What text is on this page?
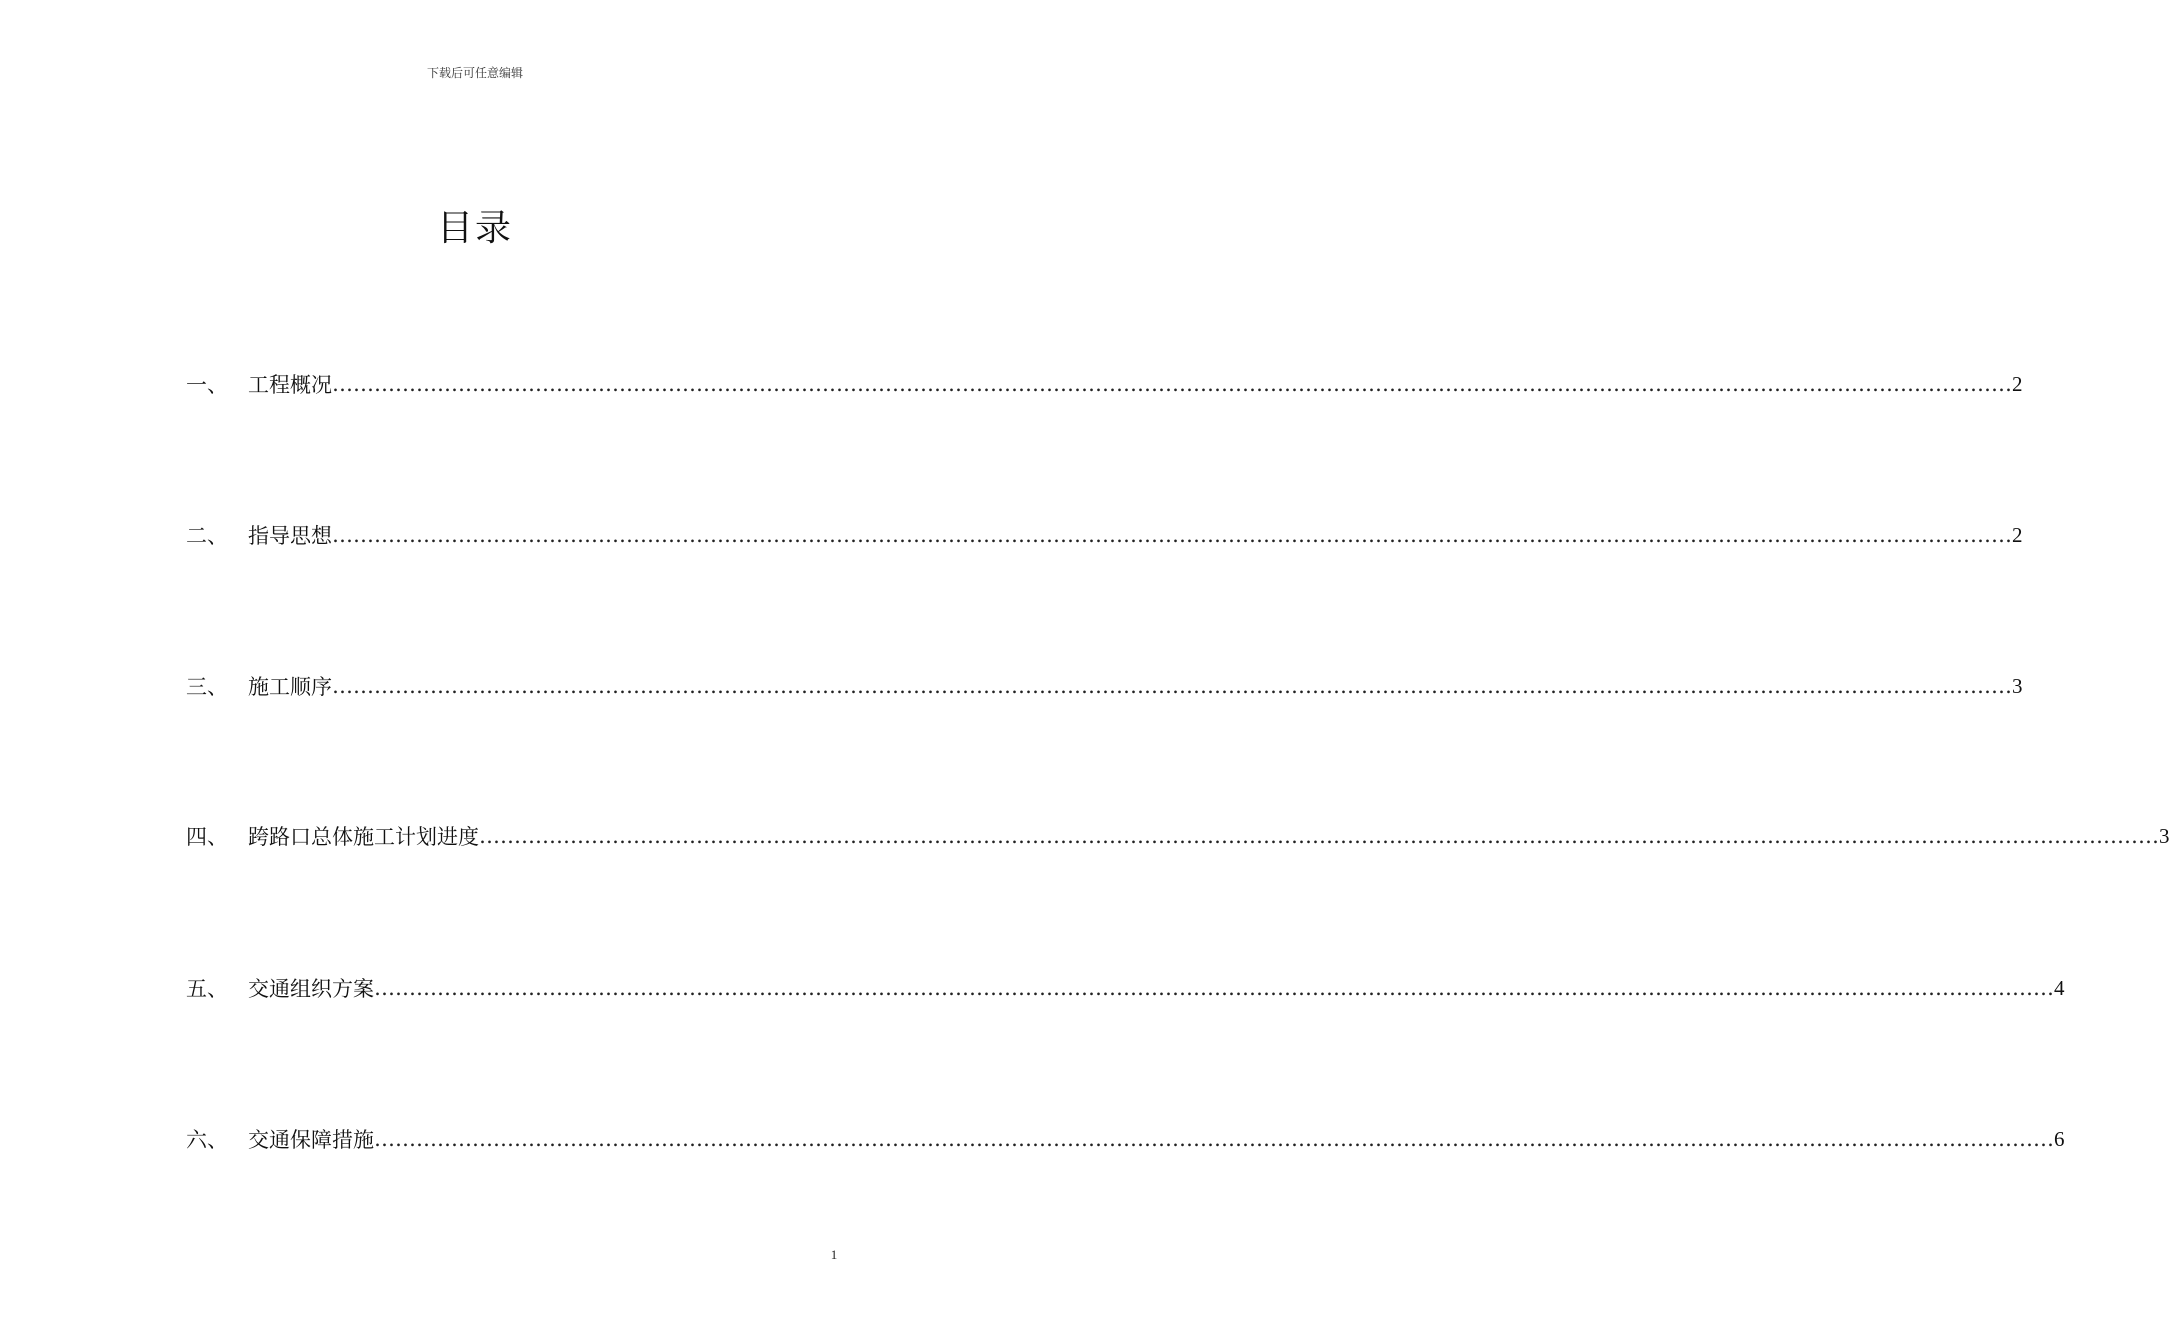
下载后可任意编辑
目录
一、 工程概况 …………………………………………………………………………………………………………………………………………………………………………………………………………………… 2
二、 指导思想 …………………………………………………………………………………………………………………………………………………………………………………………………………………… 2
三、 施工顺序 …………………………………………………………………………………………………………………………………………………………………………………………………………………… 3
四、 跨路口总体施工计划进度 …………………………………………………………………………………………………………………………………………………………………………………………………………………… 3
五、 交通组织方案 …………………………………………………………………………………………………………………………………………………………………………………………………………………… 4
六、 交通保障措施 …………………………………………………………………………………………………………………………………………………………………………………………………………………… 6
1
